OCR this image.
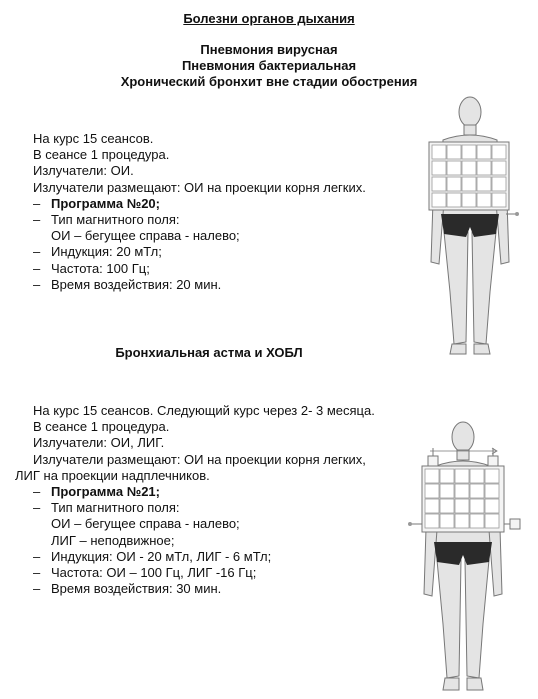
Болезни органов дыхания
Пневмония вирусная
Пневмония бактериальная
Хронический бронхит вне стадии обострения
На курс 15 сеансов.
В сеансе 1 процедура.
Излучатели: ОИ.
Излучатели размещают: ОИ на проекции корня легких.
– Программа №20;
– Тип магнитного поля:
ОИ – бегущее справа - налево;
– Индукция: 20 мТл;
– Частота: 100 Гц;
– Время воздействия: 20 мин.
Бронхиальная астма и ХОБЛ
На курс 15 сеансов. Следующий курс через 2- 3 месяца.
В сеансе 1 процедура.
Излучатели: ОИ, ЛИГ.
Излучатели размещают: ОИ на проекции корня легких,
ЛИГ на проекции надплечников.
– Программа №21;
– Тип магнитного поля:
ОИ – бегущее справа - налево;
ЛИГ – неподвижное;
– Индукция: ОИ - 20 мТл, ЛИГ - 6 мТл;
– Частота: ОИ – 100 Гц, ЛИГ -16 Гц;
– Время воздействия: 30 мин.
